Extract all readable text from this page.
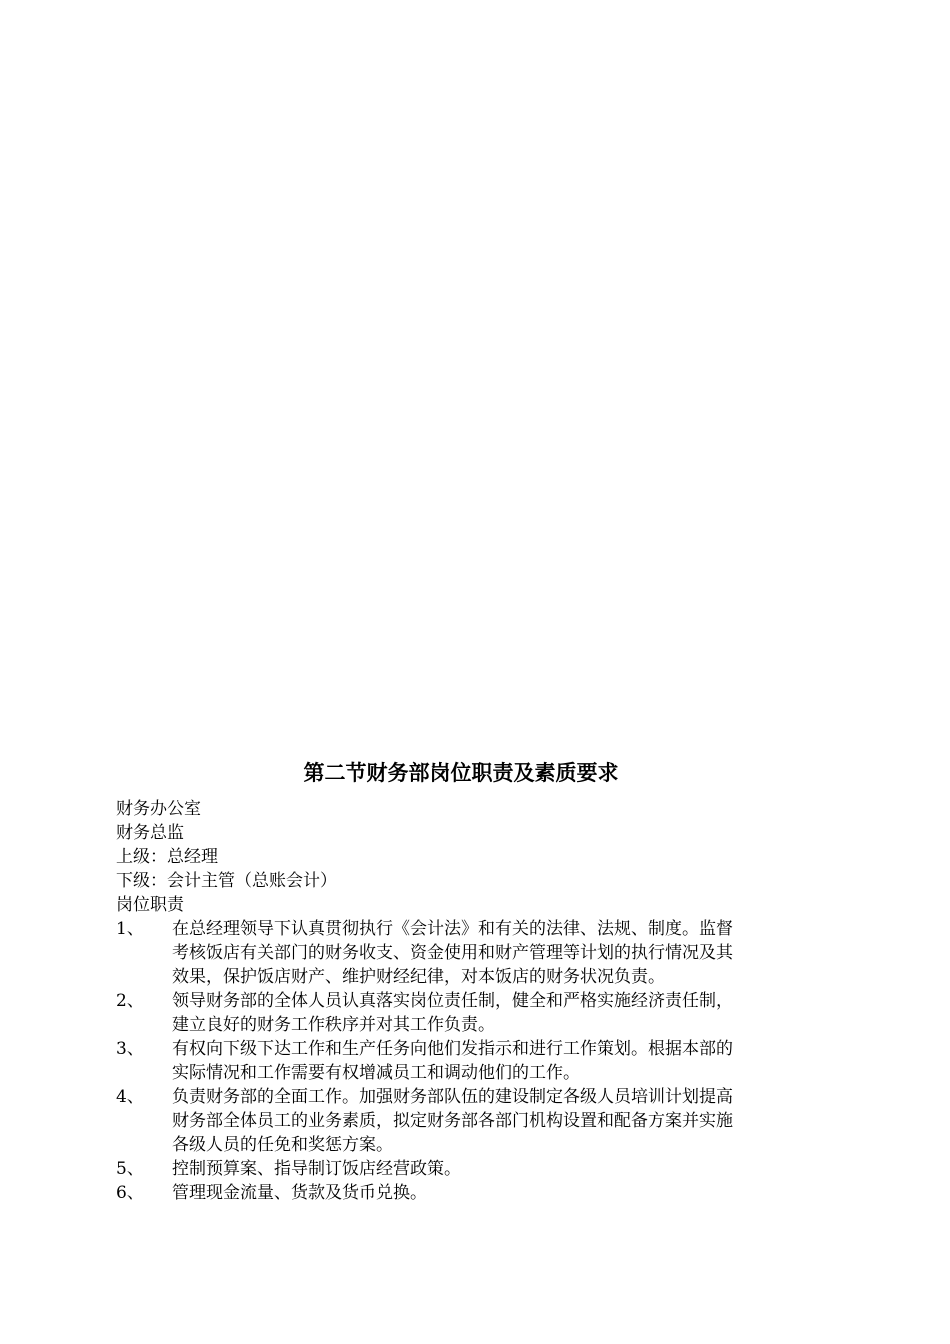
第二节财务部岗位职责及素质要求
财务办公室
财务总监
上级：总经理
下级：会计主管（总账会计）
岗位职责
1、	在总经理领导下认真贯彻执行《会计法》和有关的法律、法规、制度。监督
考核饭店有关部门的财务收支、资金使用和财产管理等计划的执行情况及其
效果，保护饭店财产、维护财经纪律，对本饭店的财务状况负责。
2、	领导财务部的全体人员认真落实岗位责任制，健全和严格实施经济责任制，
建立良好的财务工作秩序并对其工作负责。
3、	有权向下级下达工作和生产任务向他们发指示和进行工作策划。根据本部的
实际情况和工作需要有权增减员工和调动他们的工作。
4、	负责财务部的全面工作。加强财务部队伍的建设制定各级人员培训计划提高
财务部全体员工的业务素质，拟定财务部各部门机构设置和配备方案并实施
各级人员的任免和奖惩方案。
5、	控制预算案、指导制订饭店经营政策。
6、	管理现金流量、货款及货币兑换。
